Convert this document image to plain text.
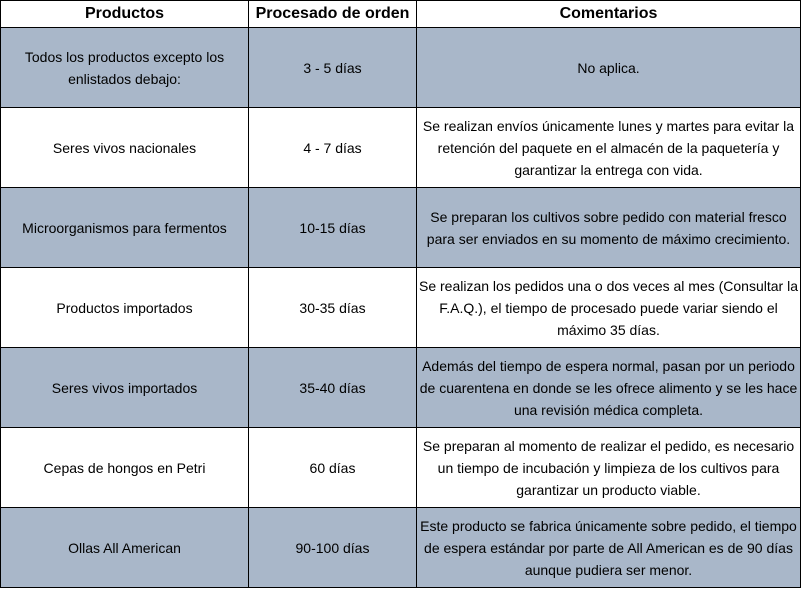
Productos	Procesado de orden	Comentarios
Todos los productos excepto los enlistados debajo:	3 - 5 días	No aplica.
Seres vivos nacionales	4 - 7 días	Se realizan envíos únicamente lunes y martes para evitar la retención del paquete en el almacén de la paquetería y garantizar la entrega con vida.
Microorganismos para fermentos	10-15 días	Se preparan los cultivos sobre pedido con material fresco para ser enviados en su momento de máximo crecimiento.
Productos importados	30-35 días	Se realizan los pedidos una o dos veces al mes (Consultar la F.A.Q.), el tiempo de procesado puede variar siendo el máximo 35 días.
Seres vivos importados	35-40 días	Además del tiempo de espera normal, pasan por un periodo de cuarentena en donde se les ofrece alimento y se les hace una revisión médica completa.
Cepas de hongos en Petri	60 días	Se preparan al momento de realizar el pedido, es necesario un tiempo de incubación y limpieza de los cultivos para garantizar un producto viable.
Ollas All American	90-100 días	Este producto se fabrica únicamente sobre pedido, el tiempo de espera estándar por parte de All American es de 90 días aunque pudiera ser menor.
